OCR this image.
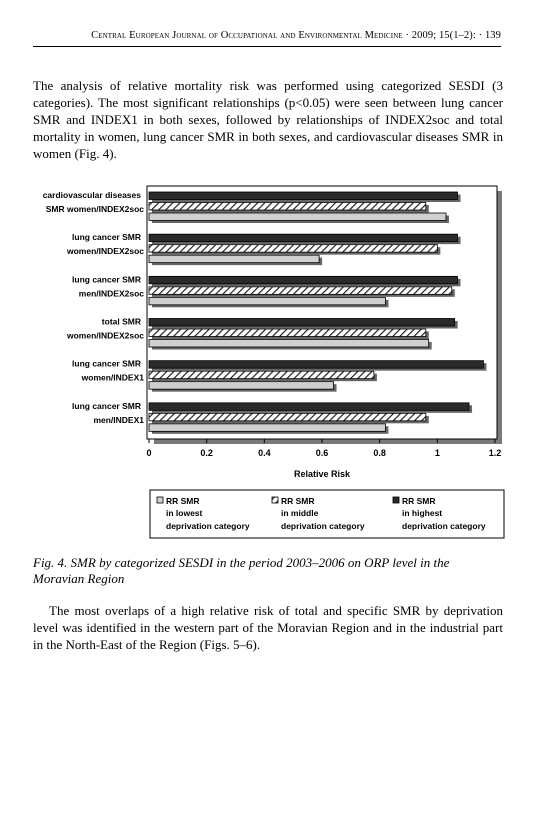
Central European Journal of Occupational and Environmental Medicine · 2009; 15(1–2): · 139
The analysis of relative mortality risk was performed using categorized SESDI (3 categories). The most significant relationships (p<0.05) were seen between lung cancer SMR and INDEX1 in both sexes, followed by relationships of INDEX2soc and total mortality in women, lung cancer SMR in both sexes, and cardiovascular diseases SMR in women (Fig. 4).
cardiovascular diseases
SMR women/INDEX2soc
lung cancer SMR
women/INDEX2soc
lung cancer SMR
men/INDEX2soc
total SMR
women/INDEX2soc
lung cancer SMR
women/INDEX1
lung cancer SMR
men/INDEX1
0	0.2	0.4	0.6	0.8	1	1.2
Relative Risk
RR SMR
in lowest
deprivation category
RR SMR
in middle
deprivation category
RR SMR
in highest
deprivation category
Fig. 4. SMR by categorized SESDI in the period 2003–2006 on ORP level in the Moravian Region
The most overlaps of a high relative risk of total and specific SMR by deprivation level was identified in the western part of the Moravian Region and in the industrial part in the North-East of the Region (Figs. 5–6).
